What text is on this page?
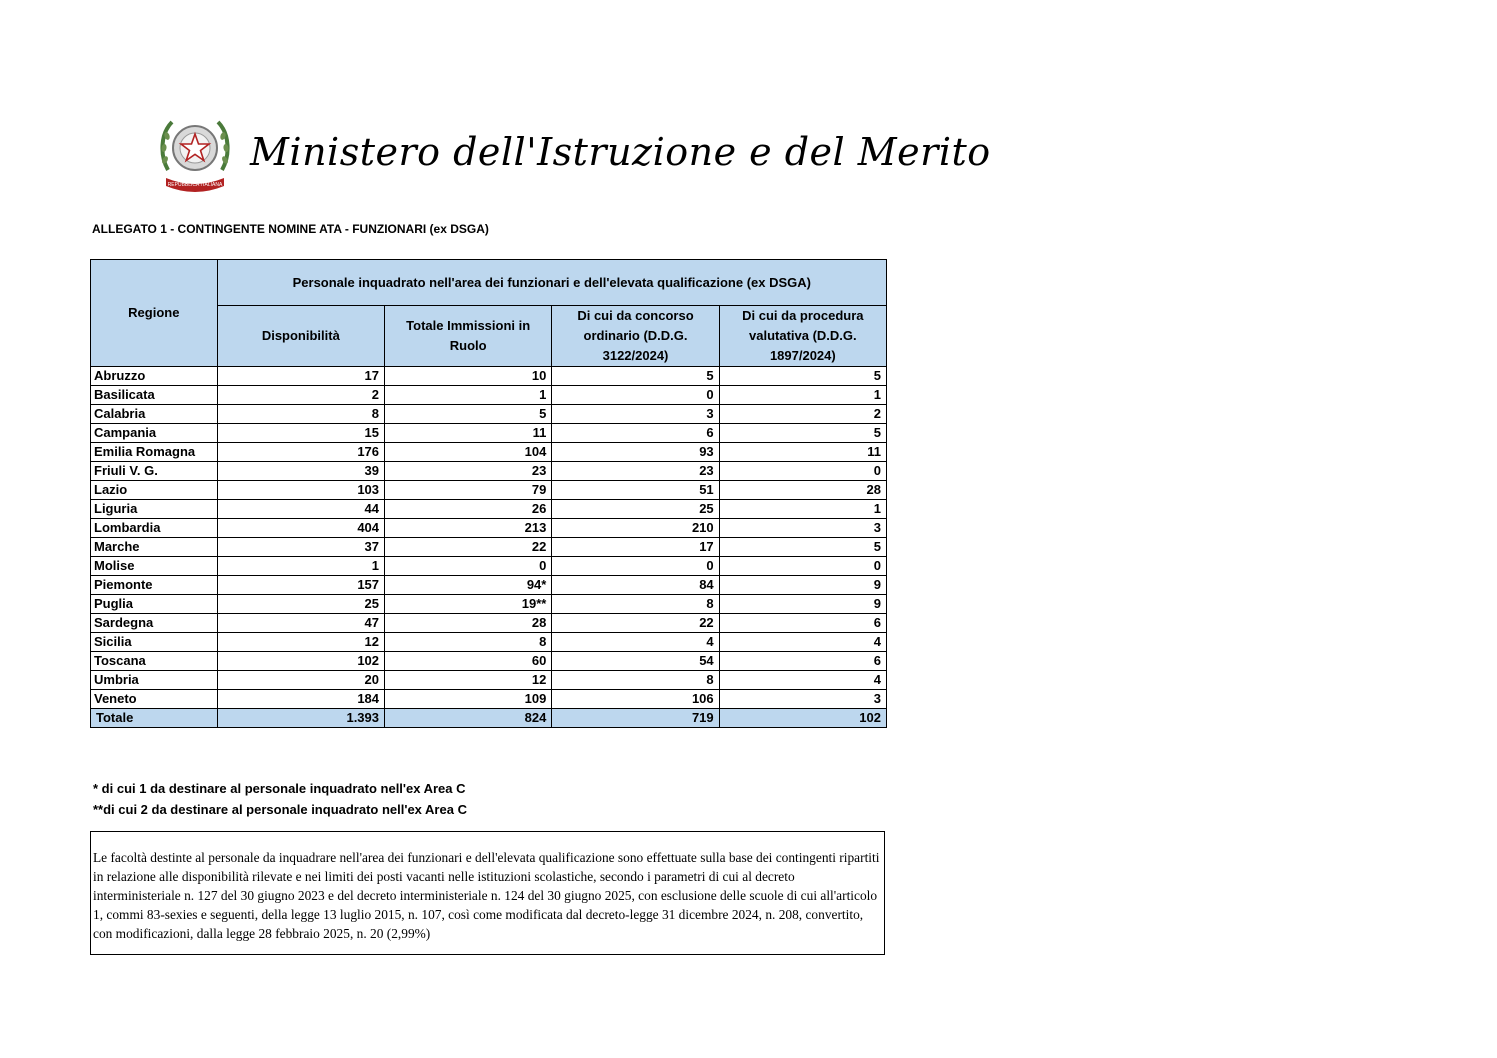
REPUBBLICA ITALIANA
Ministero dell'Istruzione e del Merito
ALLEGATO 1 - CONTINGENTE NOMINE ATA - FUNZIONARI (ex DSGA)
Regione	Personale inquadrato nell'area dei funzionari e dell'elevata qualificazione (ex DSGA)			
	Disponibilità	Totale Immissioni in Ruolo	Di cui da concorso ordinario (D.D.G. 3122/2024)	Di cui da procedura valutativa (D.D.G. 1897/2024)
Abruzzo	17	10	5	5
Basilicata	2	1	0	1
Calabria	8	5	3	2
Campania	15	11	6	5
Emilia Romagna	176	104	93	11
Friuli V. G.	39	23	23	0
Lazio	103	79	51	28
Liguria	44	26	25	1
Lombardia	404	213	210	3
Marche	37	22	17	5
Molise	1	0	0	0
Piemonte	157	94*	84	9
Puglia	25	19**	8	9
Sardegna	47	28	22	6
Sicilia	12	8	4	4
Toscana	102	60	54	6
Umbria	20	12	8	4
Veneto	184	109	106	3
Totale	1.393	824	719	102
* di cui 1 da destinare al personale inquadrato nell'ex Area C
**di cui 2 da destinare al personale inquadrato nell'ex Area C
Le facoltà destinte al personale da inquadrare nell'area dei funzionari e dell'elevata qualificazione sono effettuate sulla base dei contingenti ripartiti in relazione alle disponibilità rilevate e nei limiti dei posti vacanti nelle istituzioni scolastiche, secondo i parametri di cui al decreto interministeriale n. 127 del 30 giugno 2023 e del decreto interministeriale n. 124 del 30 giugno 2025, con esclusione delle scuole di cui all'articolo 1, commi 83-sexies e seguenti, della legge 13 luglio 2015, n. 107, così come modificata dal decreto-legge 31 dicembre 2024, n. 208, convertito, con modificazioni, dalla legge 28 febbraio 2025, n. 20 (2,99%)
